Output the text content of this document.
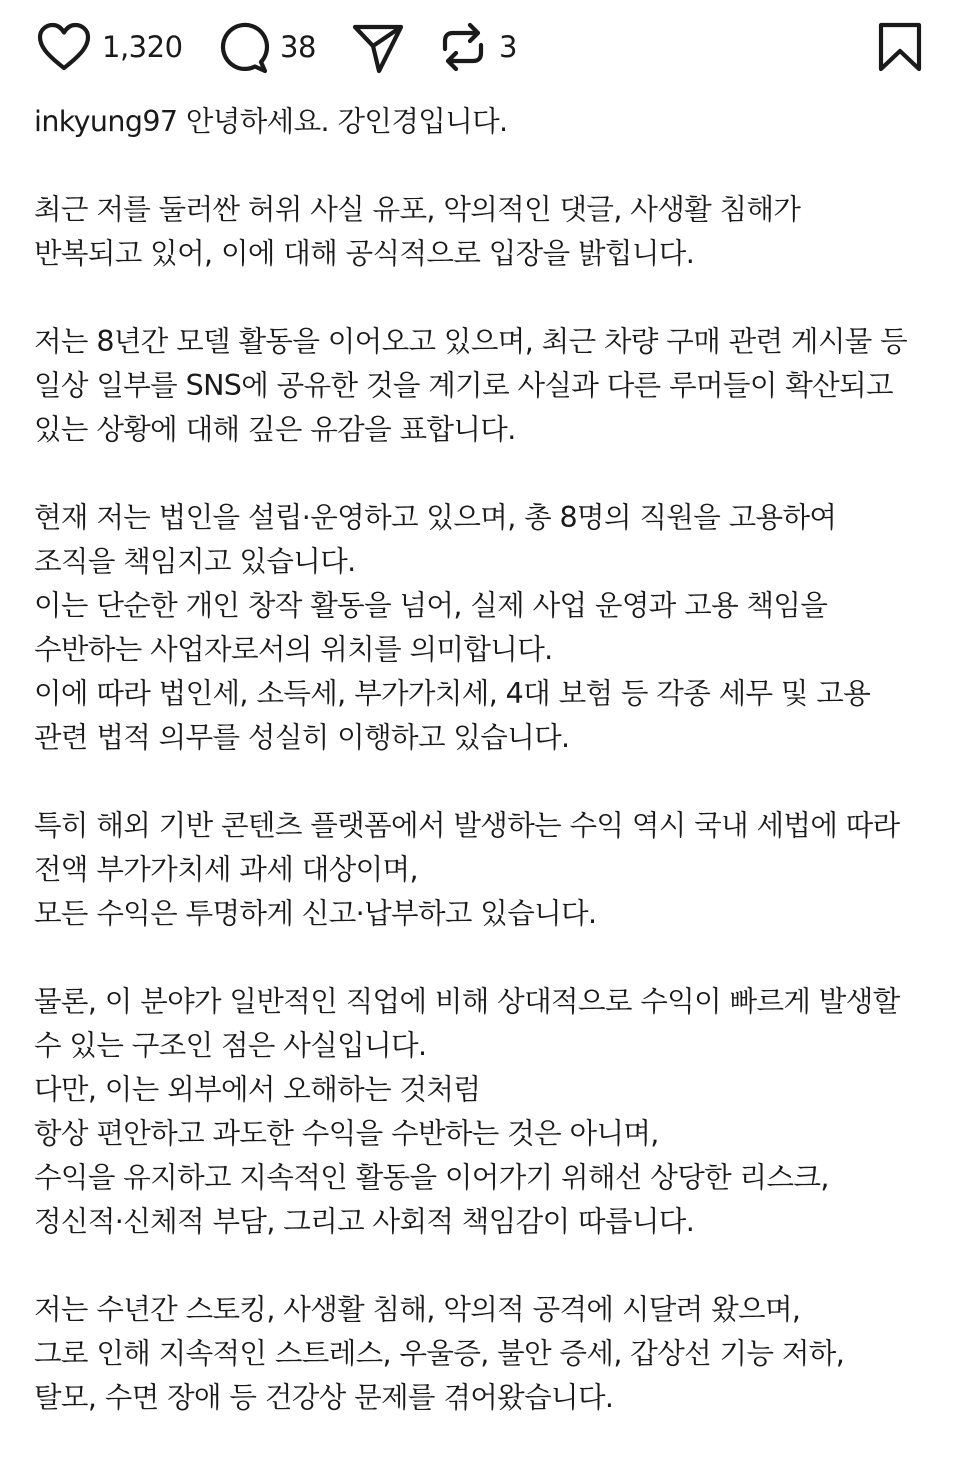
1,320	38	3

inkyung97 안녕하세요. 강인경입니다.

최근 저를 둘러싼 허위 사실 유포, 악의적인 댓글, 사생활 침해가
반복되고 있어, 이에 대해 공식적으로 입장을 밝힙니다.

저는 8년간 모델 활동을 이어오고 있으며, 최근 차량 구매 관련 게시물 등
일상 일부를 SNS에 공유한 것을 계기로 사실과 다른 루머들이 확산되고
있는 상황에 대해 깊은 유감을 표합니다.

현재 저는 법인을 설립·운영하고 있으며, 총 8명의 직원을 고용하여
조직을 책임지고 있습니다.
이는 단순한 개인 창작 활동을 넘어, 실제 사업 운영과 고용 책임을
수반하는 사업자로서의 위치를 의미합니다.
이에 따라 법인세, 소득세, 부가가치세, 4대 보험 등 각종 세무 및 고용
관련 법적 의무를 성실히 이행하고 있습니다.

특히 해외 기반 콘텐츠 플랫폼에서 발생하는 수익 역시 국내 세법에 따라
전액 부가가치세 과세 대상이며,
모든 수익은 투명하게 신고·납부하고 있습니다.

물론, 이 분야가 일반적인 직업에 비해 상대적으로 수익이 빠르게 발생할
수 있는 구조인 점은 사실입니다.
다만, 이는 외부에서 오해하는 것처럼
항상 편안하고 과도한 수익을 수반하는 것은 아니며,
수익을 유지하고 지속적인 활동을 이어가기 위해선 상당한 리스크,
정신적·신체적 부담, 그리고 사회적 책임감이 따릅니다.

저는 수년간 스토킹, 사생활 침해, 악의적 공격에 시달려 왔으며,
그로 인해 지속적인 스트레스, 우울증, 불안 증세, 갑상선 기능 저하,
탈모, 수면 장애 등 건강상 문제를 겪어왔습니다.
